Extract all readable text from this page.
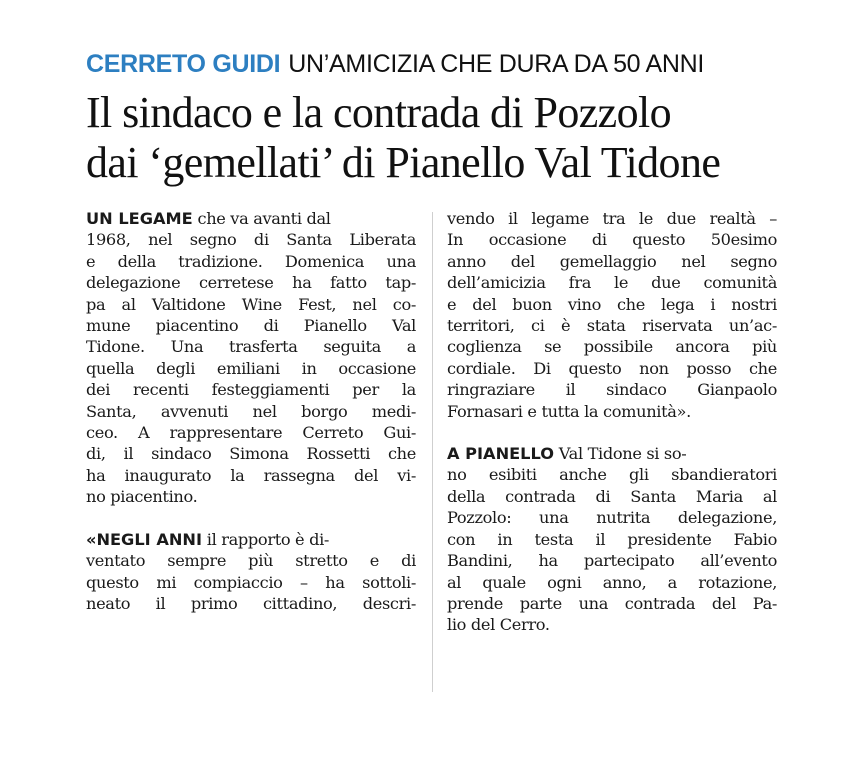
CERRETO GUIDI UN’AMICIZIA CHE DURA DA 50 ANNI
Il sindaco e la contrada di Pozzolo
dai ‘gemellati’ di Pianello Val Tidone
UN LEGAME che va avanti dal
1968, nel segno di Santa Liberata
e della tradizione. Domenica una
delegazione cerretese ha fatto tap-
pa al Valtidone Wine Fest, nel co-
mune piacentino di Pianello Val
Tidone. Una trasferta seguita a
quella degli emiliani in occasione
dei recenti festeggiamenti per la
Santa, avvenuti nel borgo medi-
ceo. A rappresentare Cerreto Gui-
di, il sindaco Simona Rossetti che
ha inaugurato la rassegna del vi-
no piacentino.
«NEGLI ANNI il rapporto è di-
ventato sempre più stretto e di
questo mi compiaccio – ha sottoli-
neato il primo cittadino, descri-
vendo il legame tra le due realtà –
In occasione di questo 50esimo
anno del gemellaggio nel segno
dell’amicizia fra le due comunità
e del buon vino che lega i nostri
territori, ci è stata riservata un’ac-
coglienza se possibile ancora più
cordiale. Di questo non posso che
ringraziare il sindaco Gianpaolo
Fornasari e tutta la comunità».
A PIANELLO Val Tidone si so-
no esibiti anche gli sbandieratori
della contrada di Santa Maria al
Pozzolo: una nutrita delegazione,
con in testa il presidente Fabio
Bandini, ha partecipato all’evento
al quale ogni anno, a rotazione,
prende parte una contrada del Pa-
lio del Cerro.
